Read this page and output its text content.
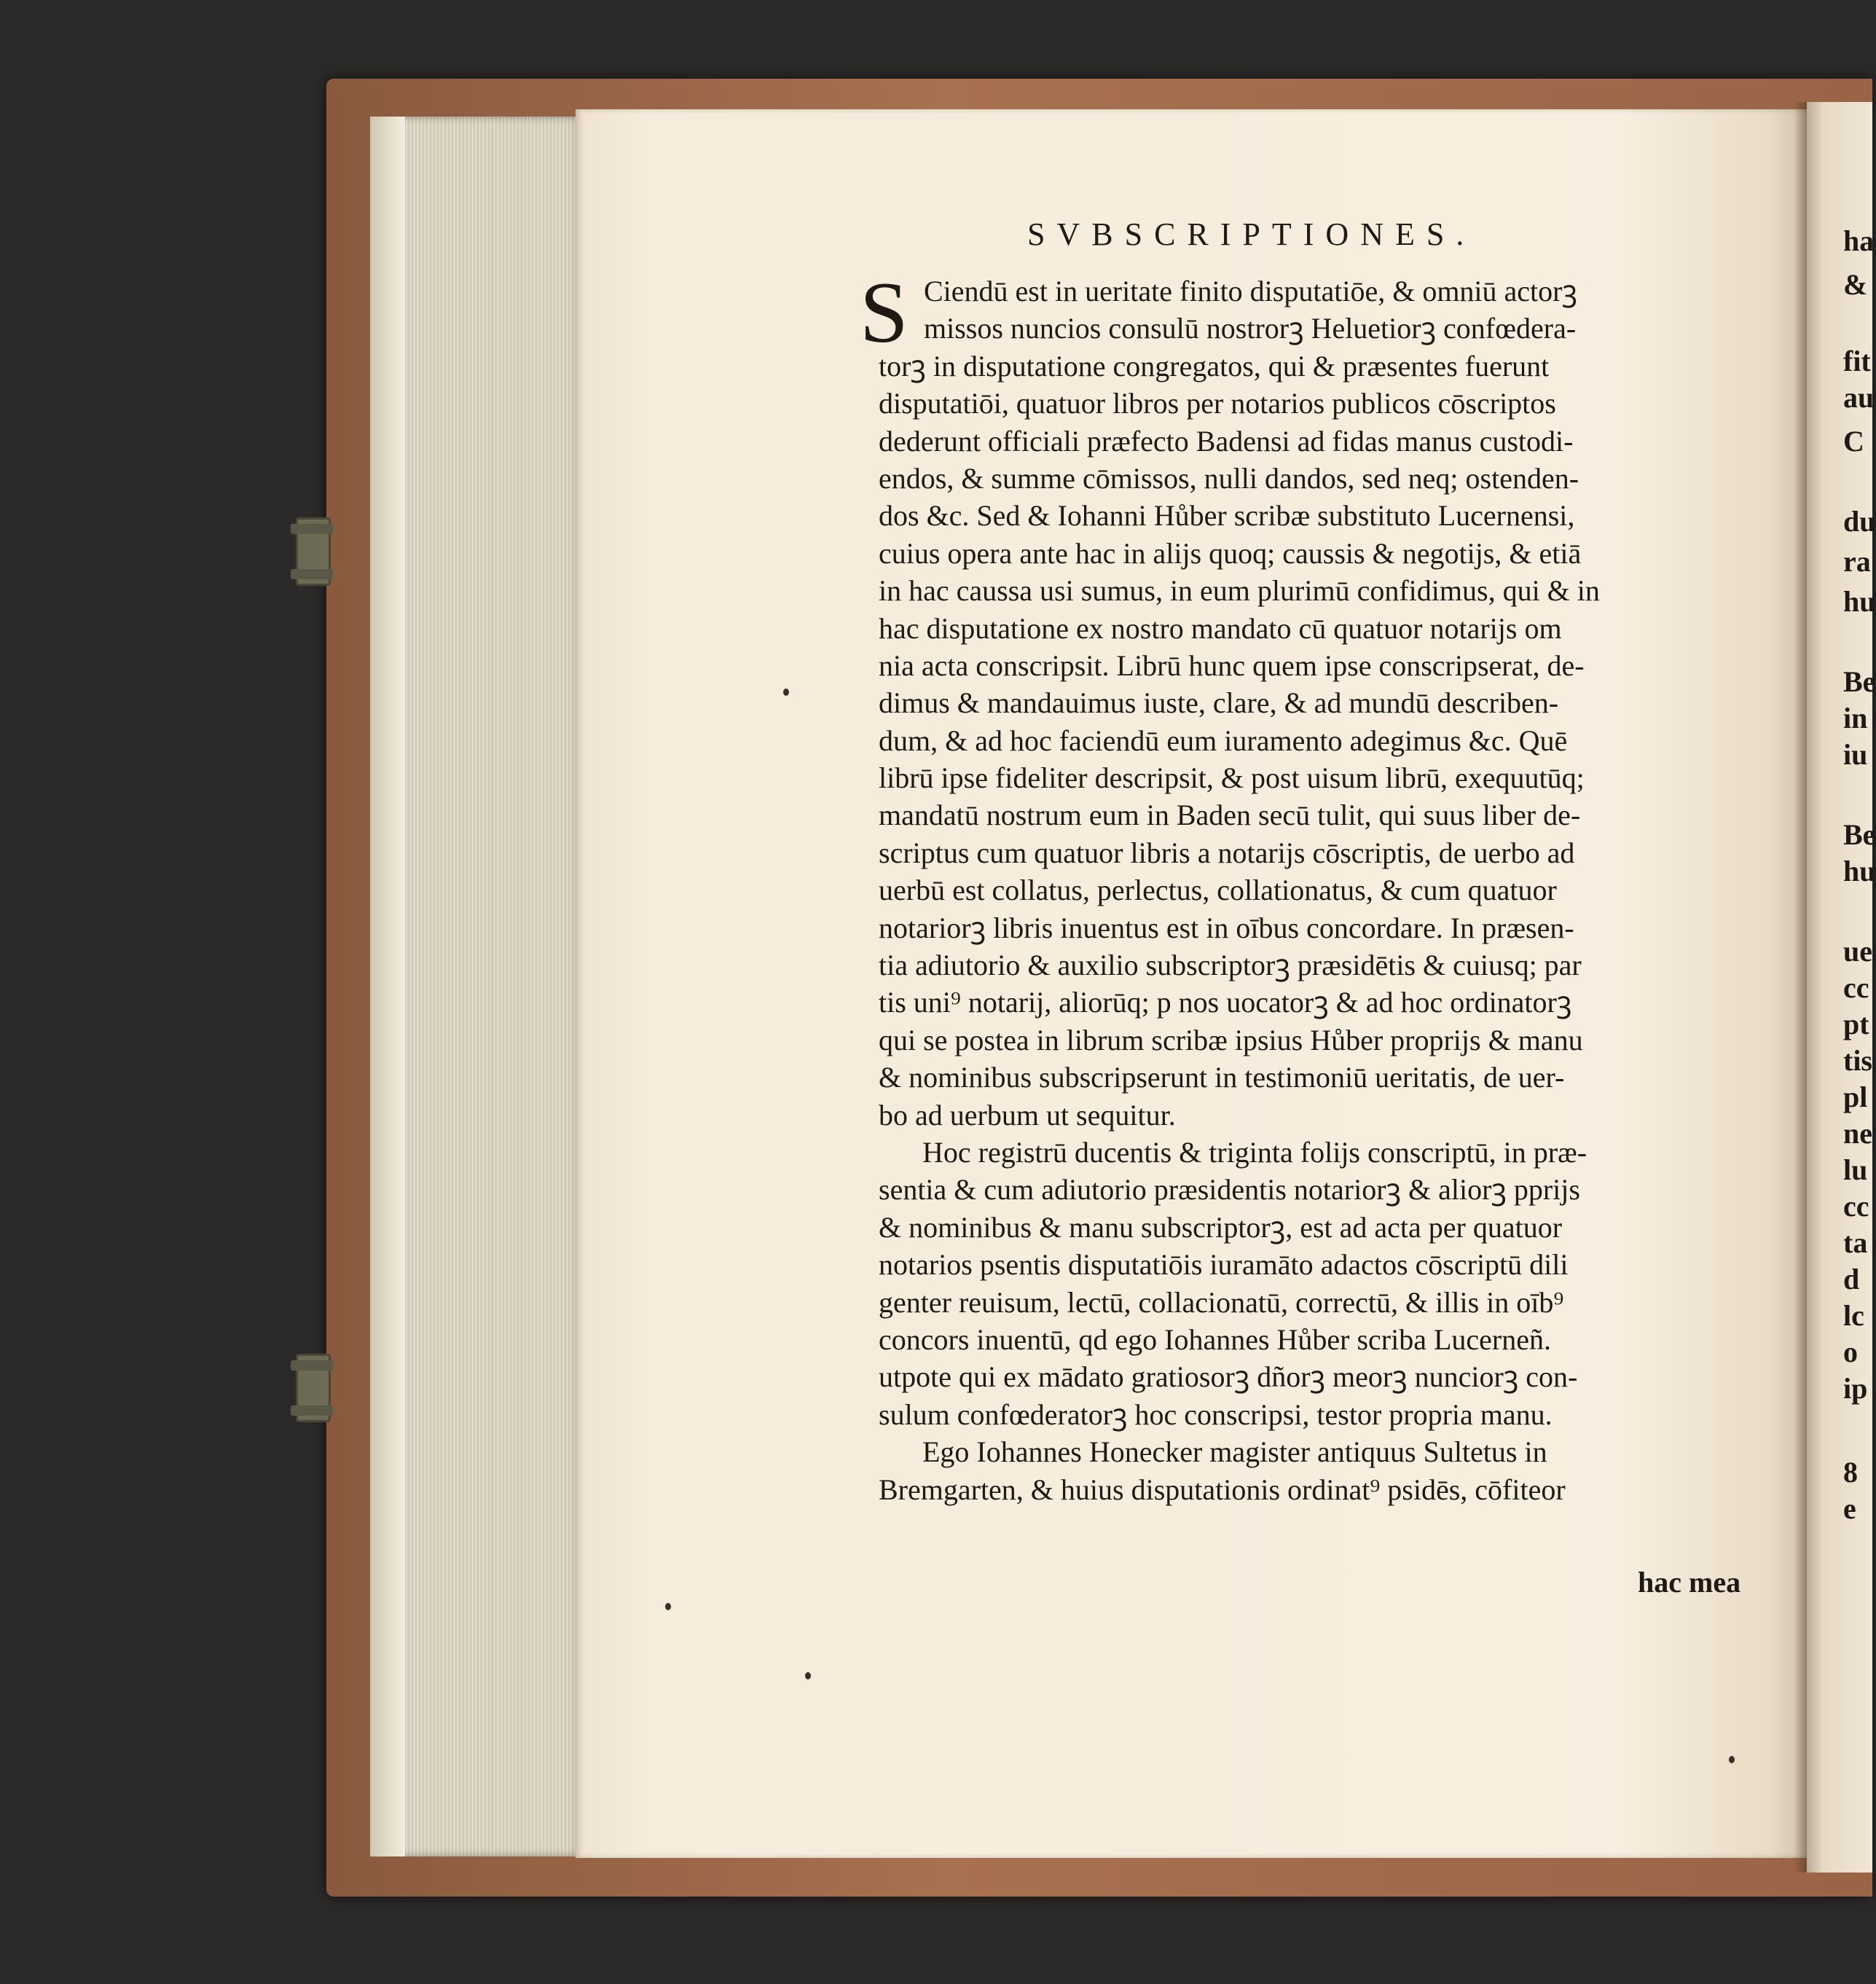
SVBSCRIPTIONES.
S Ciendū est in ueritate finito disputatiōe, & omniū actorꝫ
missos nuncios consulū nostrorꝫ Heluetiorꝫ confœdera-
torꝫ in disputatione congregatos, qui & præsentes fuerunt
disputatiōi, quatuor libros per notarios publicos cōscriptos
dederunt officiali præfecto Badensi ad fidas manus custodi-
endos, & summe cōmissos, nulli dandos, sed neq; ostenden-
dos &c. Sed & Iohanni Hůber scribæ substituto Lucernensi,
cuius opera ante hac in alijs quoq; caussis & negotijs, & etiā
in hac caussa usi sumus, in eum plurimū confidimus, qui & in
hac disputatione ex nostro mandato cū quatuor notarijs om
nia acta conscripsit. Librū hunc quem ipse conscripserat, de-
dimus & mandauimus iuste, clare, & ad mundū describen-
dum, & ad hoc faciendū eum iuramento adegimus &c. Quē
librū ipse fideliter descripsit, & post uisum librū, exequutūq;
mandatū nostrum eum in Baden secū tulit, qui suus liber de-
scriptus cum quatuor libris a notarijs cōscriptis, de uerbo ad
uerbū est collatus, perlectus, collationatus, & cum quatuor
notariorꝫ libris inuentus est in oībus concordare. In præsen-
tia adiutorio & auxilio subscriptorꝫ præsidētis & cuiusq; par
tis uni⁹ notarij, aliorūq; p nos uocatorꝫ & ad hoc ordinatorꝫ
qui se postea in librum scribæ ipsius Hůber proprijs & manu
& nominibus subscripserunt in testimoniū ueritatis, de uer-
bo ad uerbum ut sequitur.
Hoc registrū ducentis & triginta folijs conscriptū, in præ-
sentia & cum adiutorio præsidentis notariorꝫ & aliorꝫ pprijs
& nominibus & manu subscriptorꝫ, est ad acta per quatuor
notarios psentis disputatiōis iuramāto adactos cōscriptū dili
genter reuisum, lectū, collacionatū, correctū, & illis in oīb⁹
concors inuentū, qd ego Iohannes Hůber scriba Lucerneñ.
utpote qui ex mādato gratiosorꝫ dñorꝫ meorꝫ nunciorꝫ con-
sulum confœderatorꝫ hoc conscripsi, testor propria manu.
Ego Iohannes Honecker magister antiquus Sultetus in
Bremgarten, & huius disputationis ordinat⁹ psidēs, cōfiteor
hac mea
ha
&
fit
au
C
du
ra
hu
Be
in
iu
Be
hu
ue
cc
pt
tis
pl
ne
lu
cc
ta
d
lc
o
ip
8
e
